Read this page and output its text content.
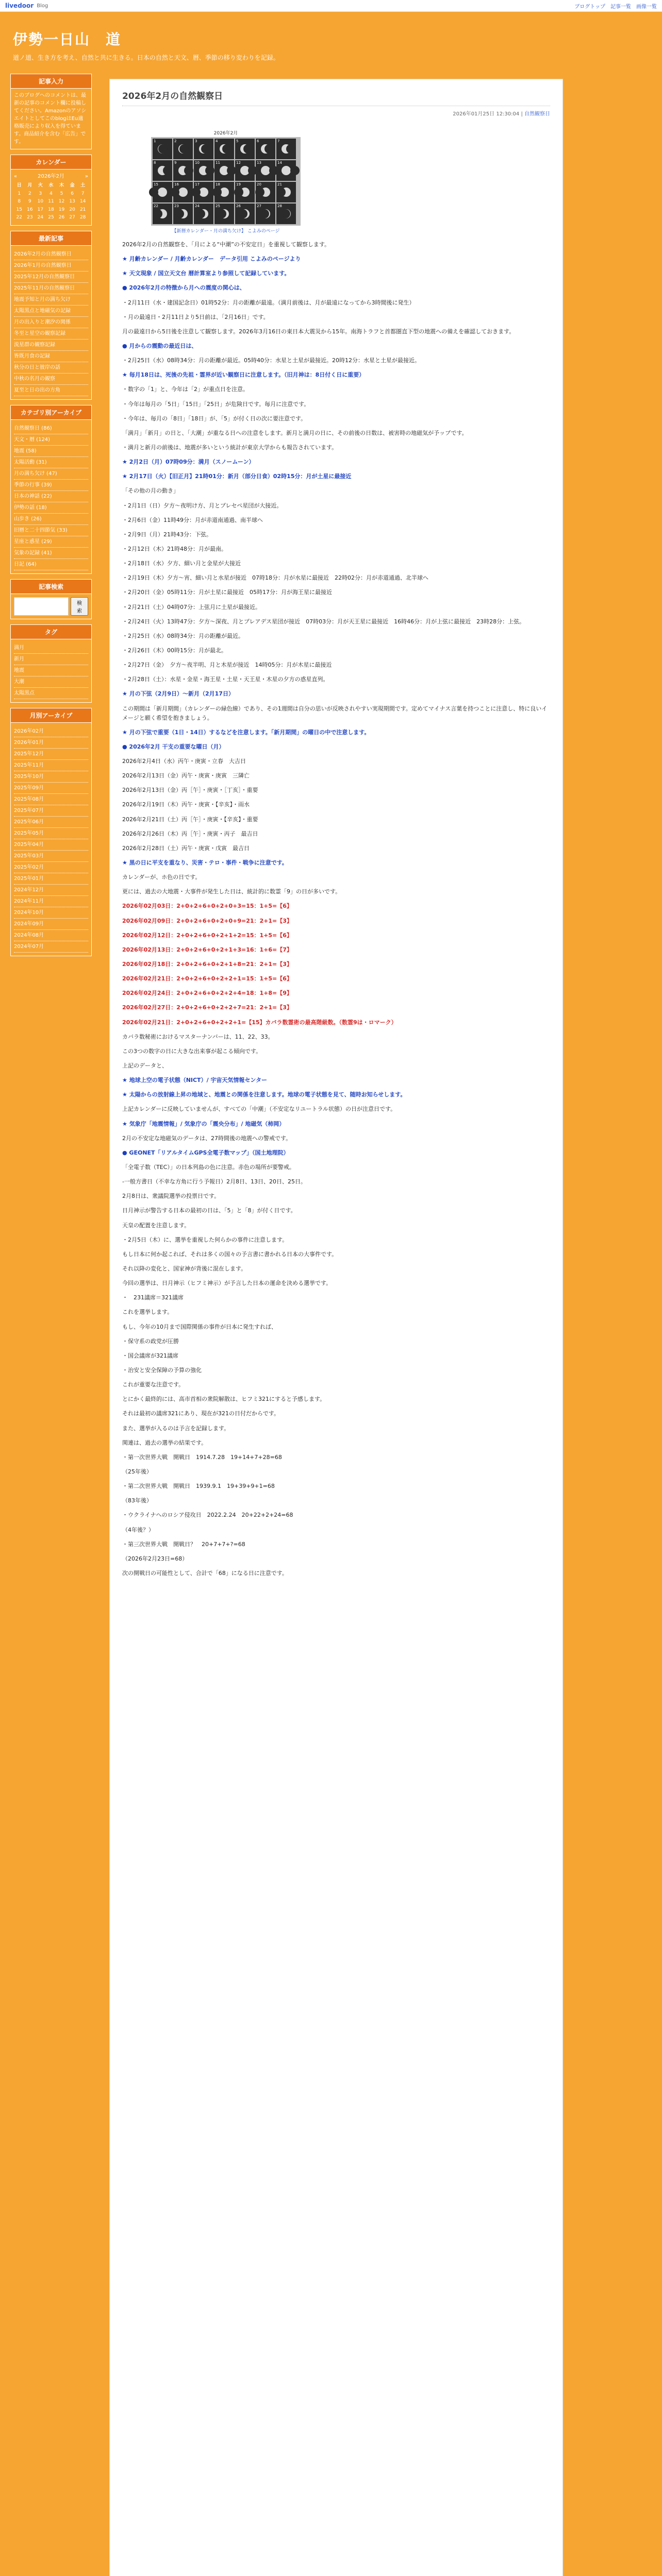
livedoor Blog	ブログトップ 記事一覧 画像一覧
伊勢一日山　道

道ノ道、生き方を考え、自然と共に生きる。日本の自然と天文、暦、季節の移り変わりを記録。

記事入力
このブログへのコメントは、最新の記事のコメント欄に投稿してください。AmazonのアソシエイトとしてこのblogはEu適格販売により収入を得ています。商品紹介を含む「広告」です。
カレンダー
«	2026年2月	»
日	月	火	水	木	金	土
1	2	3	4	5	6	7
8	9	10	11	12	13	14
15	16	17	18	19	20	21
22	23	24	25	26	27	28
最新記事
2026年2月の自然観察日
2026年1月の自然観察日
2025年12月の自然観察日
2025年11月の自然観察日
地震予知と月の満ち欠け
太陽黒点と地磁気の記録
月の出入りと潮汐の関係
冬至と星空の観察記録
流星群の観察記録
皆既月食の記録
秋分の日と彼岸の話
中秋の名月の観察
夏至と日の出の方角
カテゴリ別アーカイブ
自然観察日 (86)
天文・暦 (124)
地震 (58)
太陽活動 (31)
月の満ち欠け (47)
季節の行事 (39)
日本の神話 (22)
伊勢の話 (18)
山歩き (26)
旧暦と二十四節気 (33)
星座と惑星 (29)
気象の記録 (41)
日記 (64)
記事検索
検索
タグ
満月
新月
地震
大潮
太陽黒点
月別アーカイブ
2026年02月
2026年01月
2025年12月
2025年11月
2025年10月
2025年09月
2025年08月
2025年07月
2025年06月
2025年05月
2025年04月
2025年03月
2025年02月
2025年01月
2024年12月
2024年11月
2024年10月
2024年09月
2024年08月
2024年07月
2026年2月の自然観察日
2026年01月25日 12:30:04 | 自然観察日
2026年2月
1	2	3	4	5	6	7
8	9	10	11	12	13	14
15	16	17	18	19	20	21
22	23	24	25	26	27	28
【新暦カレンダー・月の満ち欠け】 こよみのページ

2026年2月の自然観察を、「月による“中潮”の不安定日」を重視して観察します。

★ 月齢カレンダー / 月齢カレンダー　データ引用 こよみのページより

★ 天文現象 / 国立天文台 暦計算室より参照して記録しています。

● 2026年2月の特徴から月への震度の関心は、

・2月11日（水・建国記念日）01時52分：月の距離が最遠。（満月前後は、月が最遠になってから3時間後に発生）

・月の最遠日・2月11日より5日前は、「2月16日」です。

月の最遠日から5日後を注意して観察します。2026年3月16日の東日本大震災から15年。南海トラフと首都圏直下型の地震への備えを確認しておきます。

● 月からの震動の最近日は、

・2月25日（水）08時34分：月の距離が最近。05時40分：水星と土星が最接近。20時12分：水星と土星が最接近。

★ 毎月18日は、死後の先祖・霊界が近い観察日に注意します。（旧月神は：8日付く日に重要）

・数字の「1」と、今年は「2」が重点日を注意。

・今年は毎月の「5日」「15日」「25日」が危険日です。毎月に注意です。

・今年は、毎月の「8日」「18日」が、「5」が付く日の次に要注意です。

「満月」「新月」の日と、「大潮」が重なる日への注意をします。新月と満月の日に、その前後の日数は、被害時の地磁気が予ップです。

・満月と新月の前後は、地震が多いという統計が東京大学からも報告されています。

★ 2月2日（月）07時09分：満月（スノームーン）

★ 2月17日（火）【旧正月】21時01分：新月（部分日食）02時15分：月が土星に最接近

「その他の月の動き」

・2月1日（日）夕方〜夜明け方、月とプレセペ星団が大接近。

・2月6日（金）11時49分：月が赤道南通過、南半球へ

・2月9日（月）21時43分：下弦。

・2月12日（木）21時48分：月が最南。

・2月18日（水）夕方、細い月と金星が大接近

・2月19日（木）夕方〜宵、細い月と水星が接近　07時18分：月が水星に最接近　22時02分：月が赤道通過、北半球へ

・2月20日（金）05時11分：月が土星に最接近　05時17分：月が海王星に最接近

・2月21日（土）04時07分：上弦月に土星が最接近。

・2月24日（火）13時47分：夕方〜深夜、月とプレアデス星団が接近　07時03分：月が天王星に最接近　16時46分：月が上弦に最接近　23時28分：上弦。

・2月25日（水）08時34分：月の距離が最近。

・2月26日（木）00時15分：月が最北。

・2月27日（金）　夕方〜夜半明、月と木星が接近　14時05分：月が木星に最接近

・2月28日（土）：水星・金星・海王星・土星・天王星・木星の夕方の惑星直列。

★ 月の下弦（2月9日）〜新月（2月17日）

この期間は「新月期間」（カレンダーの緑色線）であり、その1週間は自分の思いが反映されやすい実現期間です。定めてマイナス言葉を持つことに注意し、特に良いイメージと願く希望を抱きましょう。

★ 月の下弦で重要（1日・14日）するなどを注意します。「新月期間」の曜日の中で注意します。

● 2026年2月 干支の重要な曜日（月）

2026年2月4日（水）丙午・庚寅・立春　大吉日

2026年2月13日（金）丙午・庚寅・庚寅　三隣亡

2026年2月13日（金）丙［午］・庚寅・［丁亥］・重要

2026年2月19日（木）丙午・庚寅・【辛亥】・雨水

2026年2月21日（土）丙［午］・庚寅・【辛亥】・重要

2026年2月26日（木）丙［午］・庚寅・丙子　最吉日

2026年2月28日（土）丙午・庚寅・戊寅　最吉日

★ 黒の日に平支を重なり、災害・テロ・事件・戦争に注意です。

カレンダーが、ホ色の日です。

更には、過去の大地震・大事件が発生した日は、統計的に数霊「9」の日が多いです。

2026年02月03日：2+0+2+6+0+2+0+3=15：1+5=【6】

2026年02月09日：2+0+2+6+0+2+0+9=21：2+1=【3】

2026年02月12日：2+0+2+6+0+2+1+2=15：1+5=【6】

2026年02月13日：2+0+2+6+0+2+1+3=16：1+6=【7】

2026年02月18日：2+0+2+6+0+2+1+8=21：2+1=【3】

2026年02月21日：2+0+2+6+0+2+2+1=15：1+5=【6】

2026年02月24日：2+0+2+6+0+2+2+4=18：1+8=【9】

2026年02月27日：2+0+2+6+0+2+2+7=21：2+1=【3】

2026年02月21日：2+0+2+6+0+2+2+1=【15】カバラ数霊術の最高階級数。（数霊9は・ロマーク）

カバラ数秘術におけるマスターナンバーは、11、22、33。

この3つの数字の日に大きな出来事が起こる傾向です。

上記のデータと、

★ 地球上空の電子状態（NICT）/ 宇宙天気情報センター

★ 太陽からの放射線上昇の地域と、地震との関係を注意します。地球の電子状態を見て、随時お知らせします。

上記カレンダーに反映していませんが、すべての「中潮」（不安定なリユートラル状態）の日が注意日です。

★ 気象庁「地震情報」/ 気象庁の「震央分布」/ 地磁気（柿岡）

2月の不安定な地磁気のデータは、27時間後の地震への警戒です。

● GEONET「リアルタイムGPS全電子数マップ」（国土地理院）

「全電子数（TEC）」の日本列島の色に注意。赤色の場所が要警戒。

-一般方書日（不幸な方角に行う予報日）2月8日、13日、20日、25日。

2月8日は、衆議院選挙の投票日です。

日月神示が警告する日本の最初の日は、「5」と「8」が付く日です。

天皇の配置を注意します。

・2月5日（木）に、選挙を重視した何らかの事件に注意します。

もし日本に何か起これば、それは多くの国々の予言書に書かれる日本の大事件です。

それ以降の変化と、国家神が背後に混在します。

今回の選挙は、日月神示（ヒフミ神示）が予言した日本の運命を決める選挙です。

・　231議席＝321議席

これを選挙します。

もし、今年の10月まで国際関係の事件が日本に発生すれば、

・保守系の政党が圧勝

・国会議席が321議席

・治安と安全保障の予算の強化

これが重要な注意です。

とにかく最終的には、高市首相の衆院解散は、ヒフミ321にすると予感します。

それは最初の議席321にあり、現在が321の日付だからです。

また、選挙が入るのは予言を記録します。

関連は、過去の選挙の結果です。

・第一次世界大戦　開戦日　1914.7.28　19+14+7+28=68

（25年後）

・第二次世界大戦　開戦日　1939.9.1　19+39+9+1=68

（83年後）

・ウクライナへのロシア侵攻日　2022.2.24　20+22+2+24=68

（4年後？）

・第三次世界大戦　開戦日？　20+7+7+?=68

（2026年2月23日=68）

次の開戦日の可能性として、合計で「68」になる日に注意です。
